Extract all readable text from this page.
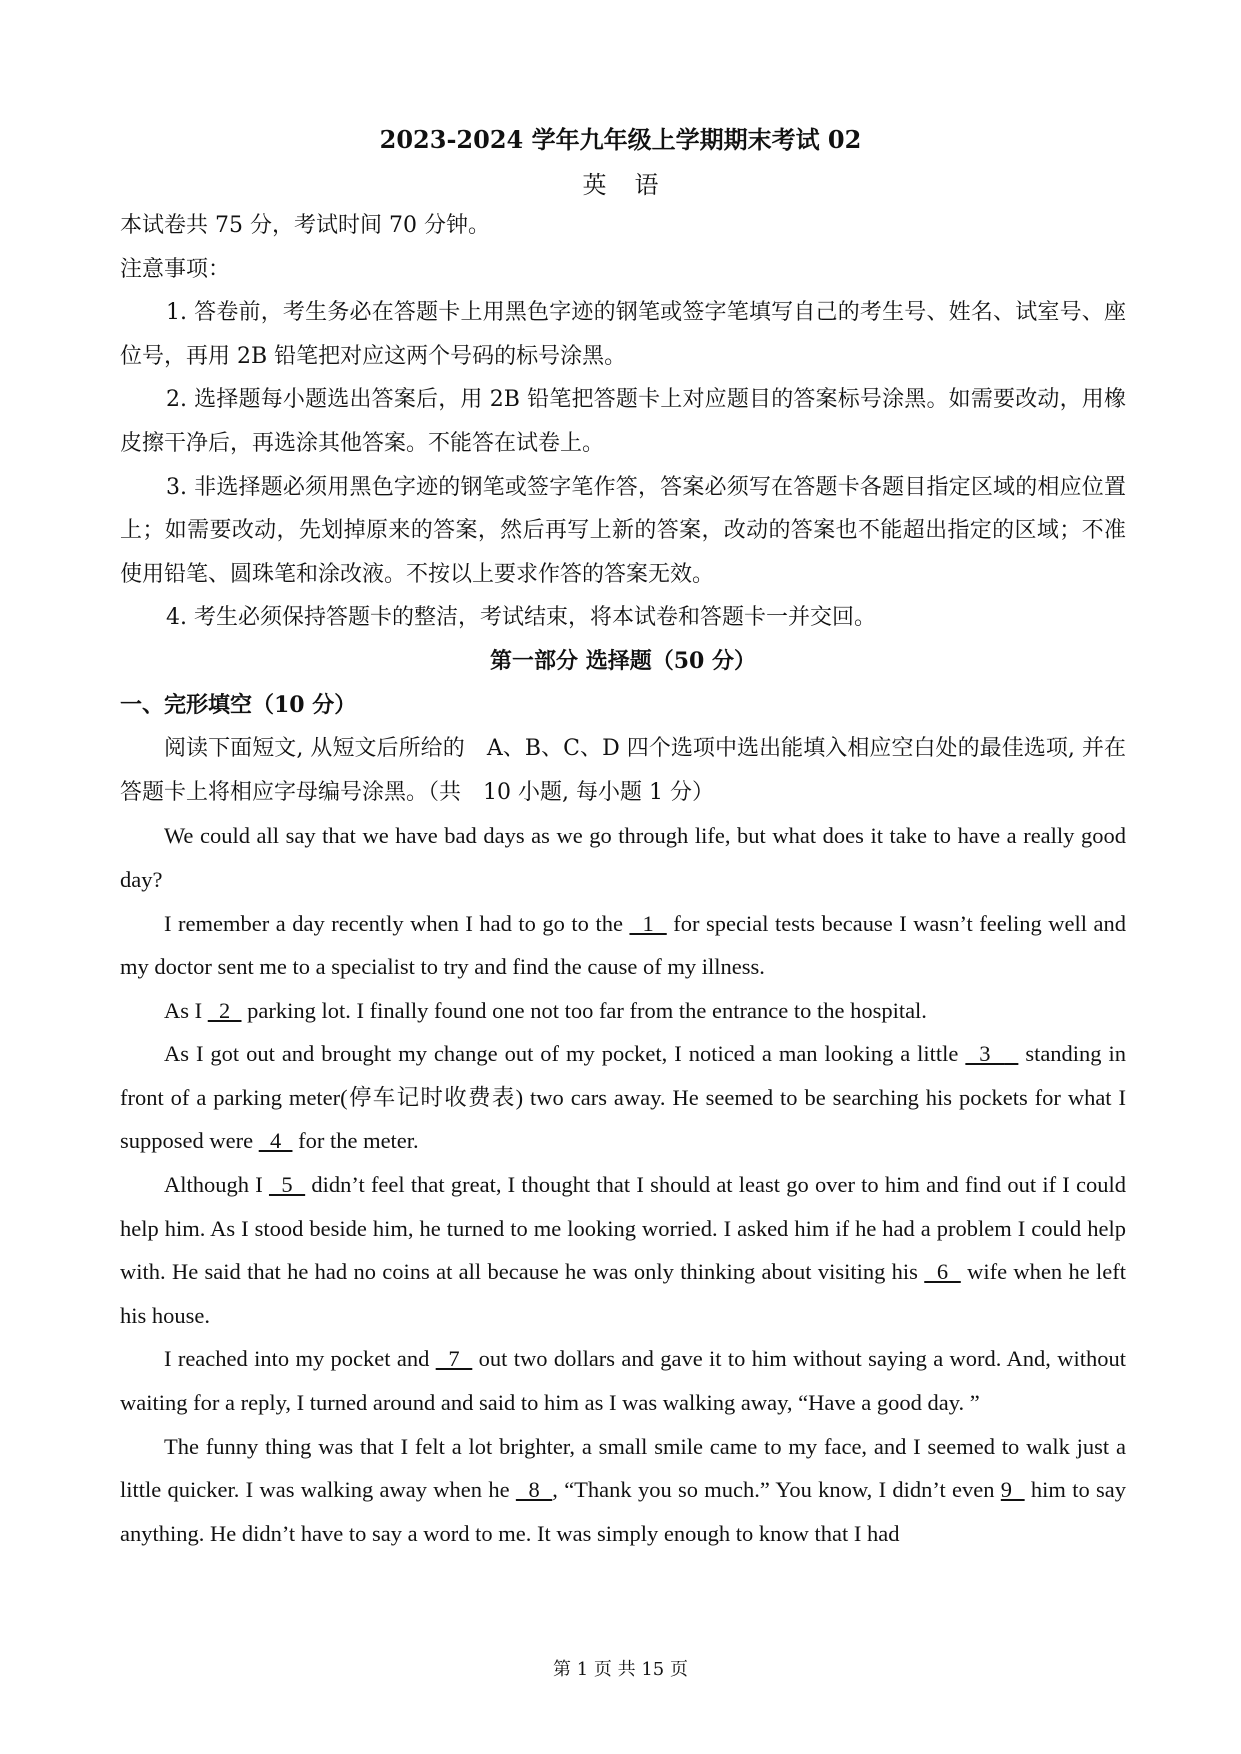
2023-2024 学年九年级上学期期末考试 02
英语

本试卷共 75 分，考试时间 70 分钟。

注意事项：

1. 答卷前，考生务必在答题卡上用黑色字迹的钢笔或签字笔填写自己的考生号、姓名、试室号、座位号，再用 2B 铅笔把对应这两个号码的标号涂黑。

2. 选择题每小题选出答案后，用 2B 铅笔把答题卡上对应题目的答案标号涂黑。如需要改动，用橡皮擦干净后，再选涂其他答案。不能答在试卷上。

3. 非选择题必须用黑色字迹的钢笔或签字笔作答，答案必须写在答题卡各题目指定区域的相应位置上；如需要改动，先划掉原来的答案，然后再写上新的答案，改动的答案也不能超出指定的区域；不准使用铅笔、圆珠笔和涂改液。不按以上要求作答的答案无效。

4. 考生必须保持答题卡的整洁，考试结束，将本试卷和答题卡一并交回。

第一部分 选择题（50 分）

一、完形填空（10 分）

阅读下面短文, 从短文后所给的　A、B、C、D 四个选项中选出能填入相应空白处的最佳选项, 并在答题卡上将相应字母编号涂黑。（共　10 小题, 每小题 1 分）

We could all say that we have bad days as we go through life, but what does it take to have a really good day?

I remember a day recently when I had to go to the   1   for special tests because I wasn’t feeling well and my doctor sent me to a specialist to try and find the cause of my illness.

As I   2   parking lot. I finally found one not too far from the entrance to the hospital.

As I got out and brought my change out of my pocket, I noticed a man looking a little   3     standing in front of a parking meter(停车记时收费表) two cars away. He seemed to be searching his pockets for what I supposed were   4   for the meter.

Although I   5   didn’t feel that great, I thought that I should at least go over to him and find out if I could help him. As I stood beside him, he turned to me looking worried. I asked him if he had a problem I could help with. He said that he had no coins at all because he was only thinking about visiting his   6   wife when he left his house.

I reached into my pocket and   7   out two dollars and gave it to him without saying a word. And, without waiting for a reply, I turned around and said to him as I was walking away, “Have a good day. ”

The funny thing was that I felt a lot brighter, a small smile came to my face, and I seemed to walk just a little quicker. I was walking away when he   8  , “Thank you so much.” You know, I didn’t even 9   him to say anything. He didn’t have to say a word to me. It was simply enough to know that I had

第 1 页 共 15 页
